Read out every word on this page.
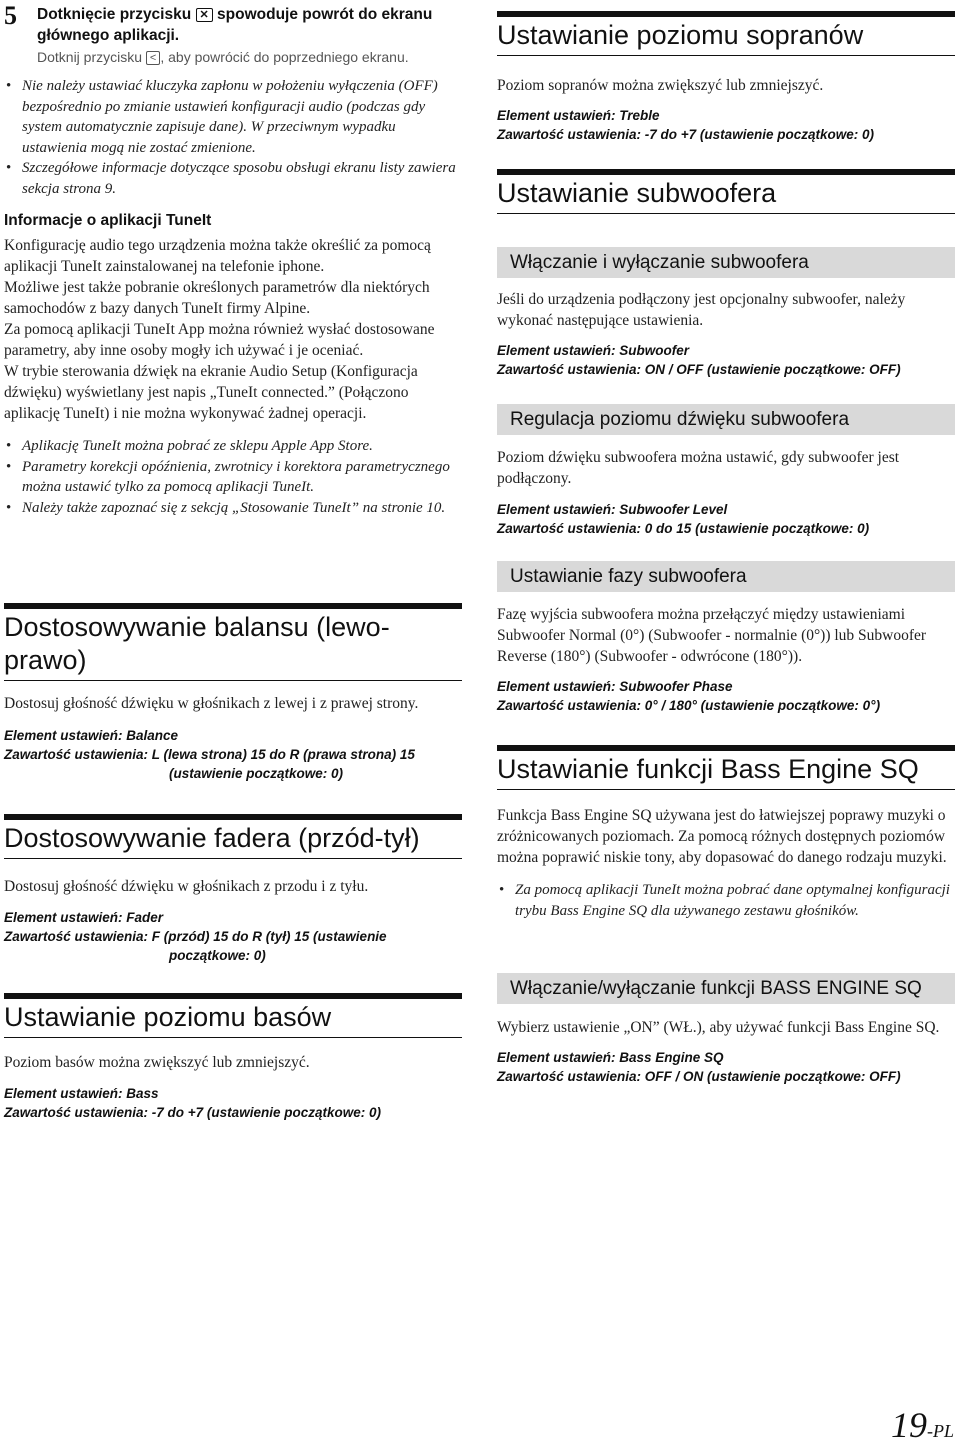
5 Dotknięcie przycisku ✕ spowoduje powrót do ekranu głównego aplikacji.
Dotknij przycisku < , aby powrócić do poprzedniego ekranu.
• Nie należy ustawiać kluczyka zapłonu w położeniu wyłączenia (OFF) bezpośrednio po zmianie ustawień konfiguracji audio (podczas gdy system automatycznie zapisuje dane). W przeciwnym wypadku ustawienia mogą nie zostać zmienione.
• Szczegółowe informacje dotyczące sposobu obsługi ekranu listy zawiera sekcja strona 9.
Informacje o aplikacji TuneIt

Konfigurację audio tego urządzenia można także określić za pomocą aplikacji TuneIt zainstalowanej na telefonie iphone.

Możliwe jest także pobranie określonych parametrów dla niektórych samochodów z bazy danych TuneIt firmy Alpine.

Za pomocą aplikacji TuneIt App można również wysłać dostosowane parametry, aby inne osoby mogły ich używać i je oceniać.

W trybie sterowania dźwięk na ekranie Audio Setup (Konfiguracja dźwięku) wyświetlany jest napis „TuneIt connected.” (Połączono aplikację TuneIt) i nie można wykonywać żadnej operacji.

• Aplikację TuneIt można pobrać ze sklepu Apple App Store.
• Parametry korekcji opóźnienia, zwrotnicy i korektora parametrycznego można ustawić tylko za pomocą aplikacji TuneIt.
• Należy także zapoznać się z sekcją „Stosowanie TuneIt” na stronie 10.
Dostosowywanie balansu (lewo-prawo)

Dostosuj głośność dźwięku w głośnikach z lewej i z prawej strony.

Element ustawień: Balance
Zawartość ustawienia: L (lewa strona) 15 do R (prawa strona) 15
(ustawienie początkowe: 0)
Dostosowywanie fadera (przód-tył)

Dostosuj głośność dźwięku w głośnikach z przodu i z tyłu.

Element ustawień: Fader
Zawartość ustawienia: F (przód) 15 do R (tył) 15 (ustawienie
początkowe: 0)
Ustawianie poziomu basów

Poziom basów można zwiększyć lub zmniejszyć.

Element ustawień: Bass
Zawartość ustawienia: -7 do +7 (ustawienie początkowe: 0)
Ustawianie poziomu sopranów

Poziom sopranów można zwiększyć lub zmniejszyć.

Element ustawień: Treble
Zawartość ustawienia: -7 do +7 (ustawienie początkowe: 0)
Ustawianie subwoofera
Włączanie i wyłączanie subwoofera

Jeśli do urządzenia podłączony jest opcjonalny subwoofer, należy wykonać następujące ustawienia.

Element ustawień: Subwoofer
Zawartość ustawienia: ON / OFF (ustawienie początkowe: OFF)
Regulacja poziomu dźwięku subwoofera

Poziom dźwięku subwoofera można ustawić, gdy subwoofer jest podłączony.

Element ustawień: Subwoofer Level
Zawartość ustawienia: 0 do 15 (ustawienie początkowe: 0)
Ustawianie fazy subwoofera

Fazę wyjścia subwoofera można przełączyć między ustawieniami Subwoofer Normal (0°) (Subwoofer - normalnie (0°)) lub Subwoofer Reverse (180°) (Subwoofer - odwrócone (180°)).

Element ustawień: Subwoofer Phase
Zawartość ustawienia: 0° / 180° (ustawienie początkowe: 0°)
Ustawianie funkcji Bass Engine SQ

Funkcja Bass Engine SQ używana jest do łatwiejszej poprawy muzyki o zróżnicowanych poziomach. Za pomocą różnych dostępnych poziomów można poprawić niskie tony, aby dopasować do danego rodzaju muzyki.

• Za pomocą aplikacji TuneIt można pobrać dane optymalnej konfiguracji trybu Bass Engine SQ dla używanego zestawu głośników.
Włączanie/wyłączanie funkcji BASS ENGINE SQ

Wybierz ustawienie „ON” (WŁ.), aby używać funkcji Bass Engine SQ.

Element ustawień: Bass Engine SQ
Zawartość ustawienia: OFF / ON (ustawienie początkowe: OFF)
19-PL
